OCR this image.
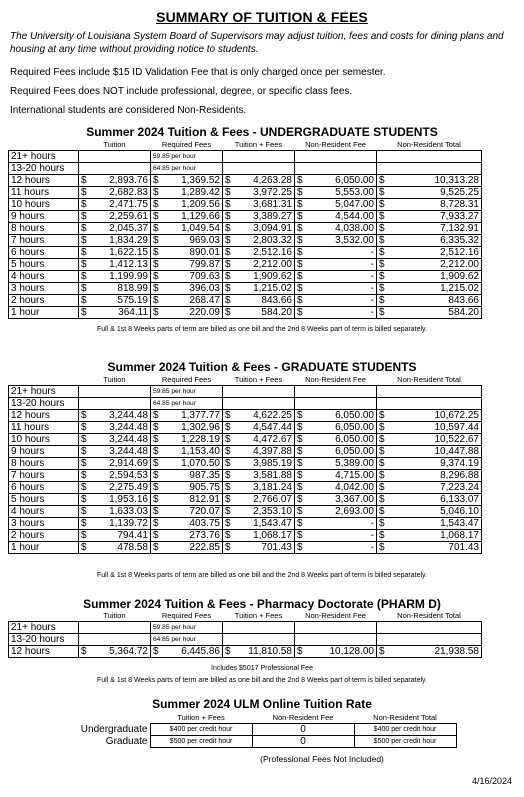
SUMMARY OF TUITION & FEES
The University of Louisiana System Board of Supervisors may adjust tuition, fees and costs for dining plans and housing at any time without providing notice to students.
Required Fees include $15 ID Validation Fee that is only charged once per semester.
Required Fees does NOT include professional, degree, or specific class fees.
International students are considered Non-Residents.
Summer 2024 Tuition & Fees - UNDERGRADUATE STUDENTS
	Tuition		Required Fees		Tuition + Fees		Non-Resident Fee		Non-Resident Total	
21+ hours			59.85 per hour							
13-20 hours			64.85 per hour							
12 hours	$	2,893.76	$	1,369.52	$	4,263.28	$	6,050.00	$	10,313.28
11 hours	$	2,682.83	$	1,289.42	$	3,972.25	$	5,553.00	$	9,525.25
10 hours	$	2,471.75	$	1,209.56	$	3,681.31	$	5,047.00	$	8,728.31
9 hours	$	2,259.61	$	1,129.66	$	3,389.27	$	4,544.00	$	7,933.27
8 hours	$	2,045.37	$	1,049.54	$	3,094.91	$	4,038.00	$	7,132.91
7 hours	$	1,834.29	$	969.03	$	2,803.32	$	3,532.00	$	6,335.32
6 hours	$	1,622.15	$	890.01	$	2,512.16	$	-	$	2,512.16
5 hours	$	1,412.13	$	799.87	$	2,212.00	$	-	$	2,212.00
4 hours	$	1,199.99	$	709.63	$	1,909.62	$	-	$	1,909.62
3 hours	$	818.99	$	396.03	$	1,215.02	$	-	$	1,215.02
2 hours	$	575.19	$	268.47	$	843.66	$	-	$	843.66
1 hour	$	364.11	$	220.09	$	584.20	$	-	$	584.20
Full & 1st 8 Weeks parts of term are billed as one bill and the 2nd 8 Weeks part of term is billed separately.
Summer 2024 Tuition & Fees - GRADUATE STUDENTS
	Tuition		Required Fees		Tuition + Fees		Non-Resident Fee		Non-Resident Total	
21+ hours			59.85 per hour							
13-20 hours			64.85 per hour							
12 hours	$	3,244.48	$	1,377.77	$	4,622.25	$	6,050.00	$	10,672.25
11 hours	$	3,244.48	$	1,302.96	$	4,547.44	$	6,050.00	$	10,597.44
10 hours	$	3,244.48	$	1,228.19	$	4,472.67	$	6,050.00	$	10,522.67
9 hours	$	3,244.48	$	1,153.40	$	4,397.88	$	6,050.00	$	10,447.88
8 hours	$	2,914.69	$	1,070.50	$	3,985.19	$	5,389.00	$	9,374.19
7 hours	$	2,594.53	$	987.35	$	3,581.88	$	4,715.00	$	8,296.88
6 hours	$	2,275.49	$	905.75	$	3,181.24	$	4,042.00	$	7,223.24
5 hours	$	1,953.16	$	812.91	$	2,766.07	$	3,367.00	$	6,133.07
4 hours	$	1,633.03	$	720.07	$	2,353.10	$	2,693.00	$	5,046.10
3 hours	$	1,139.72	$	403.75	$	1,543.47	$	-	$	1,543.47
2 hours	$	794.41	$	273.76	$	1,068.17	$	-	$	1,068.17
1 hour	$	478.58	$	222.85	$	701.43	$	-	$	701.43
Full & 1st 8 Weeks parts of term are billed as one bill and the 2nd 8 Weeks part of term is billed separately.
Summer 2024 Tuition & Fees - Pharmacy Doctorate (PHARM D)
	Tuition		Required Fees		Tuition + Fees		Non-Resident Fee		Non-Resident Total	
21+ hours			59.85 per hour							
13-20 hours			64.85 per hour							
12 hours	$	5,364.72	$	6,445.86	$	11,810.58	$	10,128.00	$	21,938.58
Includes $5017 Professional Fee
Full & 1st 8 Weeks parts of term are billed as one bill and the 2nd 8 Weeks part of term is billed separately.
Summer 2024 ULM Online Tuition Rate
	Tuition + Fees	Non-Resident Fee	Non-Resident Total
Undergraduate	$400 per credit hour	0	$400 per credit hour
Graduate	$500 per credit hour	0	$500 per credit hour
(Professional Fees Not Included)
4/16/2024
